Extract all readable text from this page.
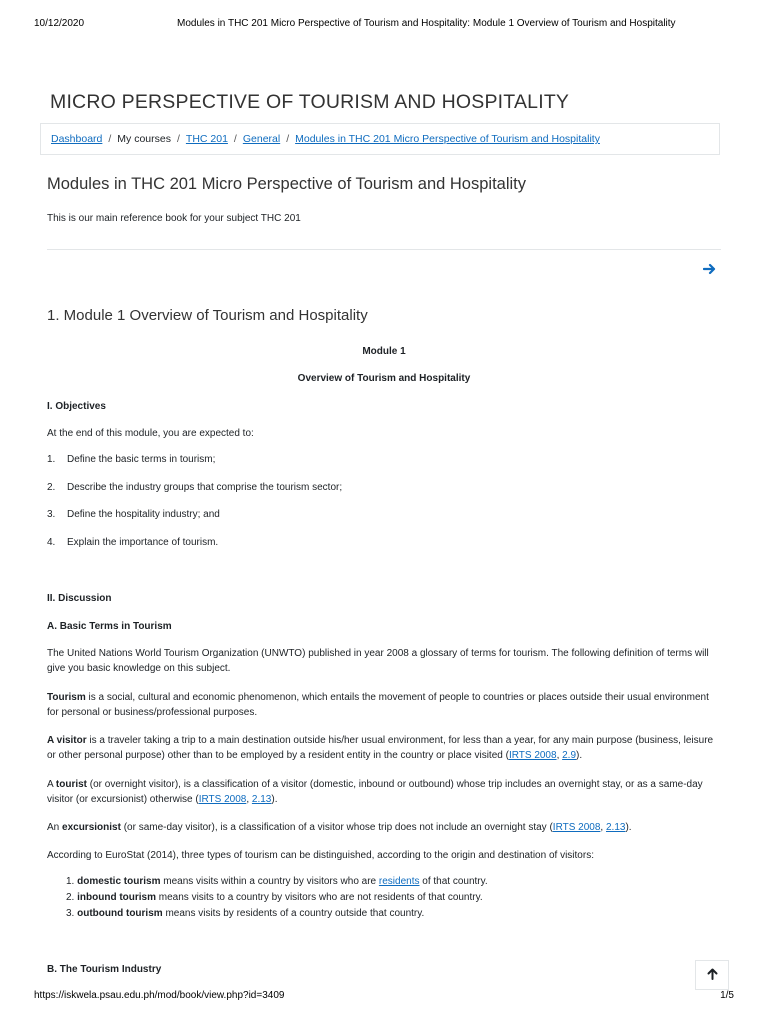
10/12/2020	Modules in THC 201 Micro Perspective of Tourism and Hospitality: Module 1 Overview of Tourism and Hospitality
MICRO PERSPECTIVE OF TOURISM AND HOSPITALITY
Dashboard / My courses / THC 201 / General / Modules in THC 201 Micro Perspective of Tourism and Hospitality
Modules in THC 201 Micro Perspective of Tourism and Hospitality
This is our main reference book for your subject THC 201
1. Module 1 Overview of Tourism and Hospitality
Module 1
Overview of Tourism and Hospitality
I. Objectives
At the end of this module, you are expected to:
1. Define the basic terms in tourism;
2. Describe the industry groups that comprise the tourism sector;
3. Define the hospitality industry; and
4. Explain the importance of tourism.
II. Discussion
A. Basic Terms in Tourism
The United Nations World Tourism Organization (UNWTO) published in year 2008 a glossary of terms for tourism. The following definition of terms will give you basic knowledge on this subject.
Tourism is a social, cultural and economic phenomenon, which entails the movement of people to countries or places outside their usual environment for personal or business/professional purposes.
A visitor is a traveler taking a trip to a main destination outside his/her usual environment, for less than a year, for any main purpose (business, leisure or other personal purpose) other than to be employed by a resident entity in the country or place visited (IRTS 2008, 2.9).
A tourist (or overnight visitor), is a classification of a visitor (domestic, inbound or outbound) whose trip includes an overnight stay, or as a same-day visitor (or excursionist) otherwise (IRTS 2008, 2.13).
An excursionist (or same-day visitor), is a classification of a visitor whose trip does not include an overnight stay (IRTS 2008, 2.13).
According to EuroStat (2014), three types of tourism can be distinguished, according to the origin and destination of visitors:
1. domestic tourism means visits within a country by visitors who are residents of that country.
2. inbound tourism means visits to a country by visitors who are not residents of that country.
3. outbound tourism means visits by residents of a country outside that country.
B. The Tourism Industry
https://iskwela.psau.edu.ph/mod/book/view.php?id=3409	1/5
